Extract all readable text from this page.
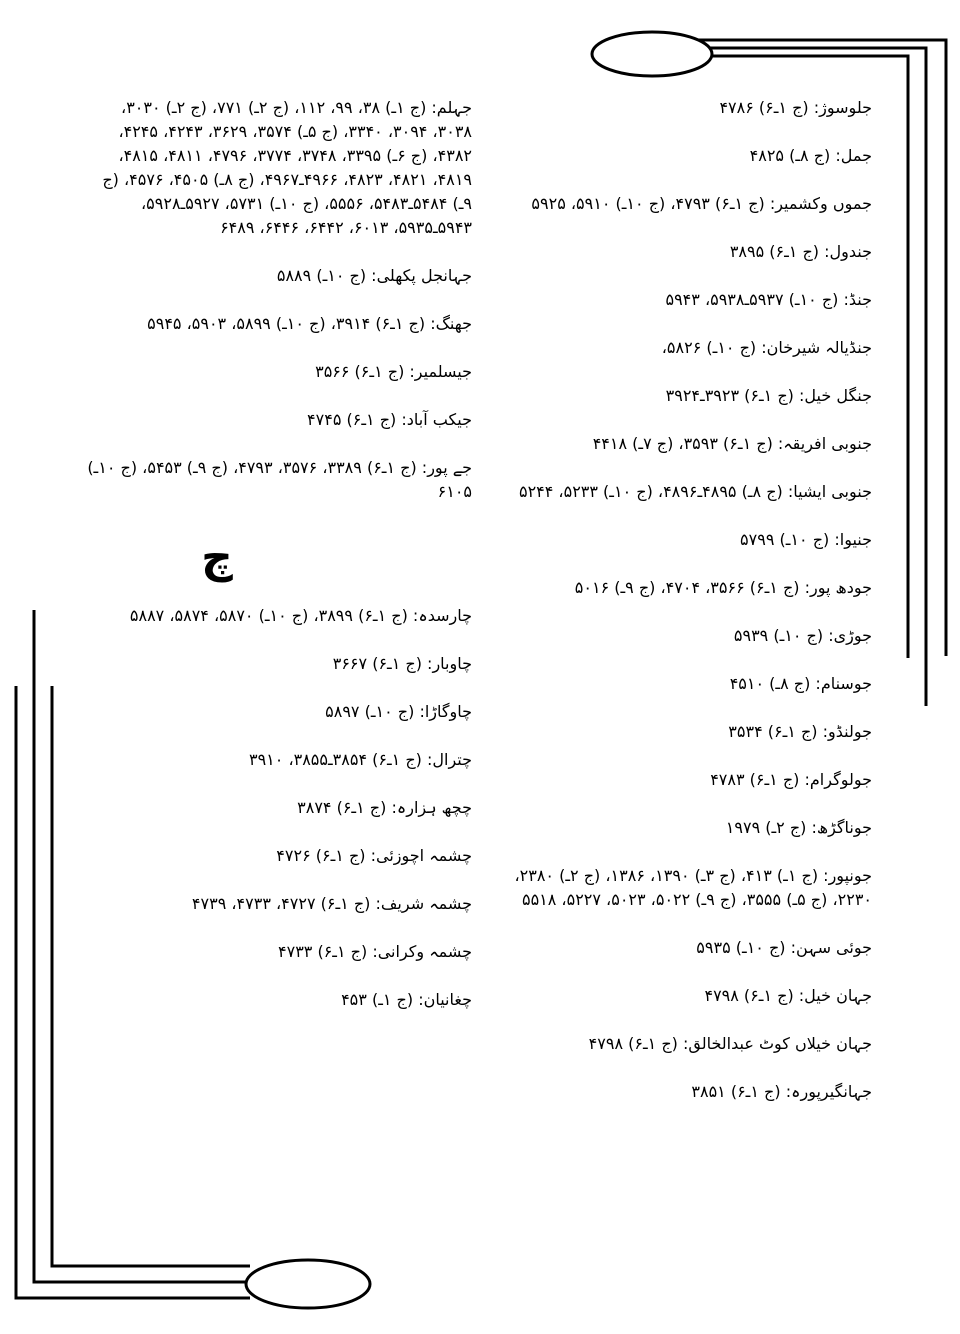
جلوسوژ: (ج ۱ـ۶) ۴۷۸۶
جمل: (ج ۸ـ) ۴۸۲۵
جموں وکشمیر: (ج ۱ـ۶) ۴۷۹۳، (ج ۱۰ـ) ۵۹۱۰، ۵۹۲۵
جندول: (ج ۱ـ۶) ۳۸۹۵
جنڈ: (ج ۱۰ـ) ۵۹۳۷ـ۵۹۳۸، ۵۹۴۳
جنڈیالہ شیرخان: (ج ۱۰ـ) ۵۸۲۶،
جنگل خیل: (ج ۱ـ۶) ۳۹۲۳ـ۳۹۲۴
جنوبی افریقہ: (ج ۱ـ۶) ۳۵۹۳، (ج ۷ـ) ۴۴۱۸
جنوبی ایشیا: (ج ۸ـ) ۴۸۹۵ـ۴۸۹۶، (ج ۱۰ـ) ۵۲۳۳، ۵۲۴۴
جنیوا: (ج ۱۰ـ) ۵۷۹۹
جودھ پور: (ج ۱ـ۶) ۳۵۶۶، ۴۷۰۴، (ج ۹ـ) ۵۰۱۶
جوڑی: (ج ۱۰ـ) ۵۹۳۹
جوسنام: (ج ۸ـ) ۴۵۱۰
جولنڈو: (ج ۱ـ۶) ۳۵۳۴
جولوگرام: (ج ۱ـ۶) ۴۷۸۳
جوناگڑھ: (ج ۲ـ) ۱۹۷۹
جونپور: (ج ۱ـ) ۴۱۳، (ج ۳ـ) ۱۳۹۰، ۱۳۸۶، (ج ۲ـ) ۲۳۸۰، ۲۲۳۰، (ج ۵ـ) ۳۵۵۵، (ج ۹ـ) ۵۰۲۲، ۵۰۲۳، ۵۲۲۷، ۵۵۱۸
جوئی سہن: (ج ۱۰ـ) ۵۹۳۵
جہان خیل: (ج ۱ـ۶) ۴۷۹۸
جہان خیلاں کوٹ عبدالخالق: (ج ۱ـ۶) ۴۷۹۸
جہانگیرپورہ: (ج ۱ـ۶) ۳۸۵۱
جہلم: (ج ۱ـ) ۳۸، ۹۹، ۱۱۲، (ج ۲ـ) ۷۷۱، (ج ۲ـ) ۳۰۳۰، ۳۰۳۸، ۳۰۹۴، ۳۳۴۰، (ج ۵ـ) ۳۵۷۴، ۳۶۲۹، ۴۲۴۳، ۴۲۴۵، ۴۳۸۲، (ج ۶ـ) ۳۳۹۵، ۳۷۴۸، ۳۷۷۴، ۴۷۹۶، ۴۸۱۱، ۴۸۱۵، ۴۸۱۹، ۴۸۲۱، ۴۸۲۳، ۴۹۶۶ـ۴۹۶۷، (ج ۸ـ) ۴۵۰۵، ۴۵۷۶، (ج ۹ـ) ۵۴۸۴ـ۵۴۸۳، ۵۵۵۶، (ج ۱۰ـ) ۵۷۳۱، ۵۹۲۷ـ۵۹۲۸، ۵۹۴۳ـ۵۹۳۵، ۶۰۱۳، ۶۴۴۲، ۶۴۴۶، ۶۴۸۹
جہانجل پکھلی: (ج ۱۰ـ) ۵۸۸۹
جھنگ: (ج ۱ـ۶) ۳۹۱۴، (ج ۱۰ـ) ۵۸۹۹، ۵۹۰۳، ۵۹۴۵
جیسلمیر: (ج ۱ـ۶) ۳۵۶۶
جیکب آباد: (ج ۱ـ۶) ۴۷۴۵
جے پور: (ج ۱ـ۶) ۳۳۸۹، ۳۵۷۶، ۴۷۹۳، (ج ۹ـ) ۵۴۵۳، (ج ۱۰ـ) ۶۱۰۵
چ
چارسدہ: (ج ۱ـ۶) ۳۸۹۹، (ج ۱۰ـ) ۵۸۷۰، ۵۸۷۴، ۵۸۸۷
چاوبار: (ج ۱ـ۶) ۳۶۶۷
چاوگاڑا: (ج ۱۰ـ) ۵۸۹۷
چترال: (ج ۱ـ۶) ۳۸۵۴ـ۳۸۵۵، ۳۹۱۰
چچھ ہزارہ: (ج ۱ـ۶) ۳۸۷۴
چشمہ اچوزئی: (ج ۱ـ۶) ۴۷۲۶
چشمہ شریف: (ج ۱ـ۶) ۴۷۲۷، ۴۷۳۳، ۴۷۳۹
چشمہ وکرانی: (ج ۱ـ۶) ۴۷۳۳
چغانیان: (ج ۱ـ) ۴۵۳
